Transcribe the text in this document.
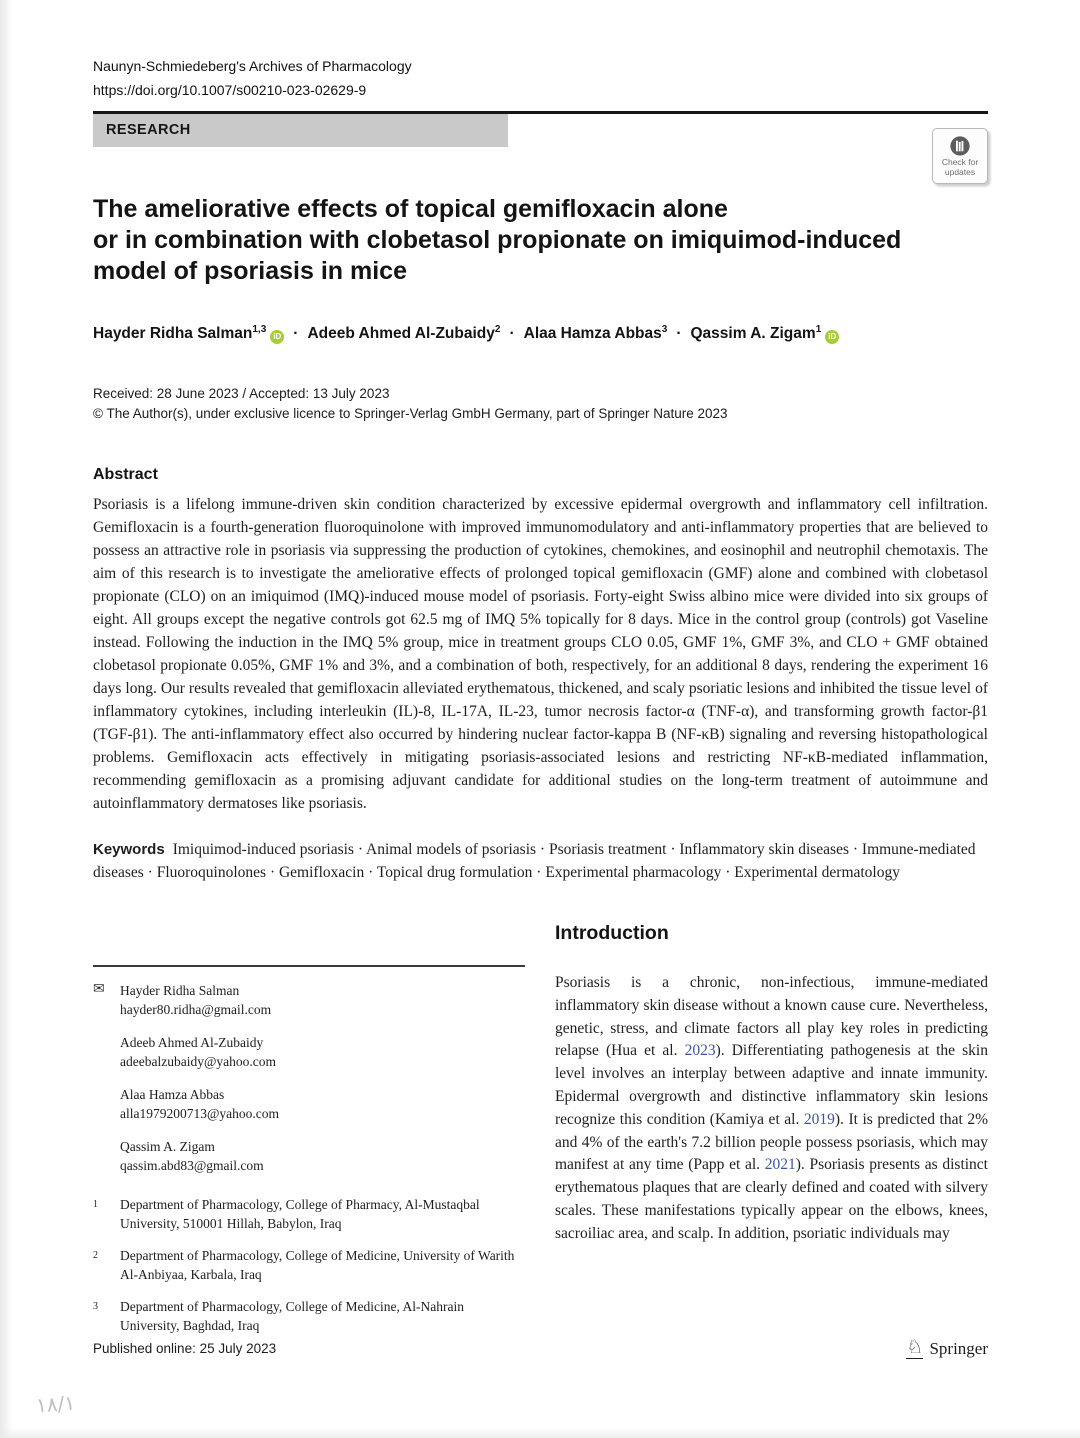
Naunyn-Schmiedeberg's Archives of Pharmacology
https://doi.org/10.1007/s00210-023-02629-9
RESEARCH
Check for
updates
The ameliorative effects of topical gemifloxacin alone
or in combination with clobetasol propionate on imiquimod-induced
model of psoriasis in mice
Hayder Ridha Salman$^{1,3}$iD · Adeeb Ahmed Al-Zubaidy$^2$ · Alaa Hamza Abbas$^3$ · Qassim A. Zigam$^1$iD
Received: 28 June 2023 / Accepted: 13 July 2023
© The Author(s), under exclusive licence to Springer-Verlag GmbH Germany, part of Springer Nature 2023
Abstract
Psoriasis is a lifelong immune-driven skin condition characterized by excessive epidermal overgrowth and inflammatory cell infiltration. Gemifloxacin is a fourth-generation fluoroquinolone with improved immunomodulatory and anti-inflammatory properties that are believed to possess an attractive role in psoriasis via suppressing the production of cytokines, chemokines, and eosinophil and neutrophil chemotaxis. The aim of this research is to investigate the ameliorative effects of prolonged topical gemifloxacin (GMF) alone and combined with clobetasol propionate (CLO) on an imiquimod (IMQ)-induced mouse model of psoriasis. Forty-eight Swiss albino mice were divided into six groups of eight. All groups except the negative controls got 62.5 mg of IMQ 5% topically for 8 days. Mice in the control group (controls) got Vaseline instead. Following the induction in the IMQ 5% group, mice in treatment groups CLO 0.05, GMF 1%, GMF 3%, and CLO + GMF obtained clobetasol propionate 0.05%, GMF 1% and 3%, and a combination of both, respectively, for an additional 8 days, rendering the experiment 16 days long. Our results revealed that gemifloxacin alleviated erythematous, thickened, and scaly psoriatic lesions and inhibited the tissue level of inflammatory cytokines, including interleukin (IL)-8, IL-17A, IL-23, tumor necrosis factor-α (TNF-α), and transforming growth factor-β1 (TGF-β1). The anti-inflammatory effect also occurred by hindering nuclear factor-kappa B (NF-κB) signaling and reversing histopathological problems. Gemifloxacin acts effectively in mitigating psoriasis-associated lesions and restricting NF-κB-mediated inflammation, recommending gemifloxacin as a promising adjuvant candidate for additional studies on the long-term treatment of autoimmune and autoinflammatory dermatoses like psoriasis.
Keywords Imiquimod-induced psoriasis · Animal models of psoriasis · Psoriasis treatment · Inflammatory skin diseases · Immune-mediated diseases · Fluoroquinolones · Gemifloxacin · Topical drug formulation · Experimental pharmacology · Experimental dermatology
✉ Hayder Ridha Salman
hayder80.ridha@gmail.com
Adeeb Ahmed Al-Zubaidy
adeebalzubaidy@yahoo.com
Alaa Hamza Abbas
alla1979200713@yahoo.com
Qassim A. Zigam
qassim.abd83@gmail.com
1	Department of Pharmacology, College of Pharmacy, Al-Mustaqbal University, 510001 Hillah, Babylon, Iraq
2	Department of Pharmacology, College of Medicine, University of Warith Al-Anbiyaa, Karbala, Iraq
3	Department of Pharmacology, College of Medicine, Al-Nahrain University, Baghdad, Iraq
Introduction
Psoriasis is a chronic, non-infectious, immune-mediated inflammatory skin disease without a known cause cure. Nevertheless, genetic, stress, and climate factors all play key roles in predicting relapse (Hua et al. 2023). Differentiating pathogenesis at the skin level involves an interplay between adaptive and innate immunity. Epidermal overgrowth and distinctive inflammatory skin lesions recognize this condition (Kamiya et al. 2019). It is predicted that 2% and 4% of the earth's 7.2 billion people possess psoriasis, which may manifest at any time (Papp et al. 2021). Psoriasis presents as distinct erythematous plaques that are clearly defined and coated with silvery scales. These manifestations typically appear on the elbows, knees, sacroiliac area, and scalp. In addition, psoriatic individuals may
Published online: 25 July 2023	♘ Springer
١٨/١
